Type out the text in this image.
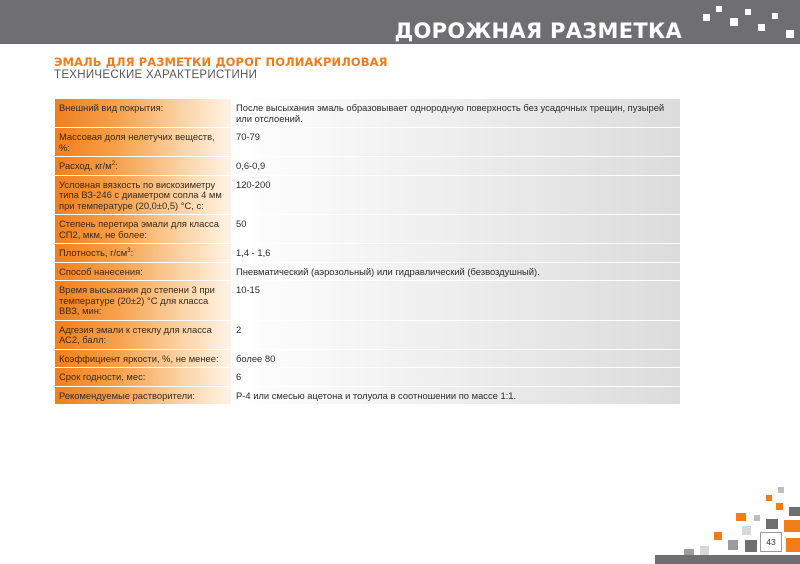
ДОРОЖНАЯ РАЗМЕТКА
ЭМАЛЬ ДЛЯ РАЗМЕТКИ ДОРОГ ПОЛИАКРИЛОВАЯ
ТЕХНИЧЕСКИЕ ХАРАКТЕРИСТИНИ
Внешний вид покрытия:	После высыхания эмаль образовывает однородную поверхность без усадочных трещин, пузырей или отслоений.
Массовая доля нелетучих веществ, %:	70-79
Расход, $кг/м^2$:	0,6-0,9
Условная вязкость по вискозиметру типа ВЗ-246 с диаметром сопла 4 мм при температуре (20,0±0,5) °С, с:	120-200
Степень перетира эмали для класса СП2, мкм, не более:	50
Плотность, $г/см^3$:	1,4 - 1,6
Способ нанесения:	Пневматический (аэрозольный) или гидравлический (безвоздушный).
Время высыхания до степени 3 при температуре (20±2) °С для класса ВВЗ, мин:	10-15
Адгезия эмали к стеклу для класса АС2, балл:	2
Коэффициент яркости, %, не менее:	более 80
Срок годности, мес:	6
Рекомендуемые растворители:	Р-4 или смесью ацетона и толуола в соотношении по массе 1:1.
43
